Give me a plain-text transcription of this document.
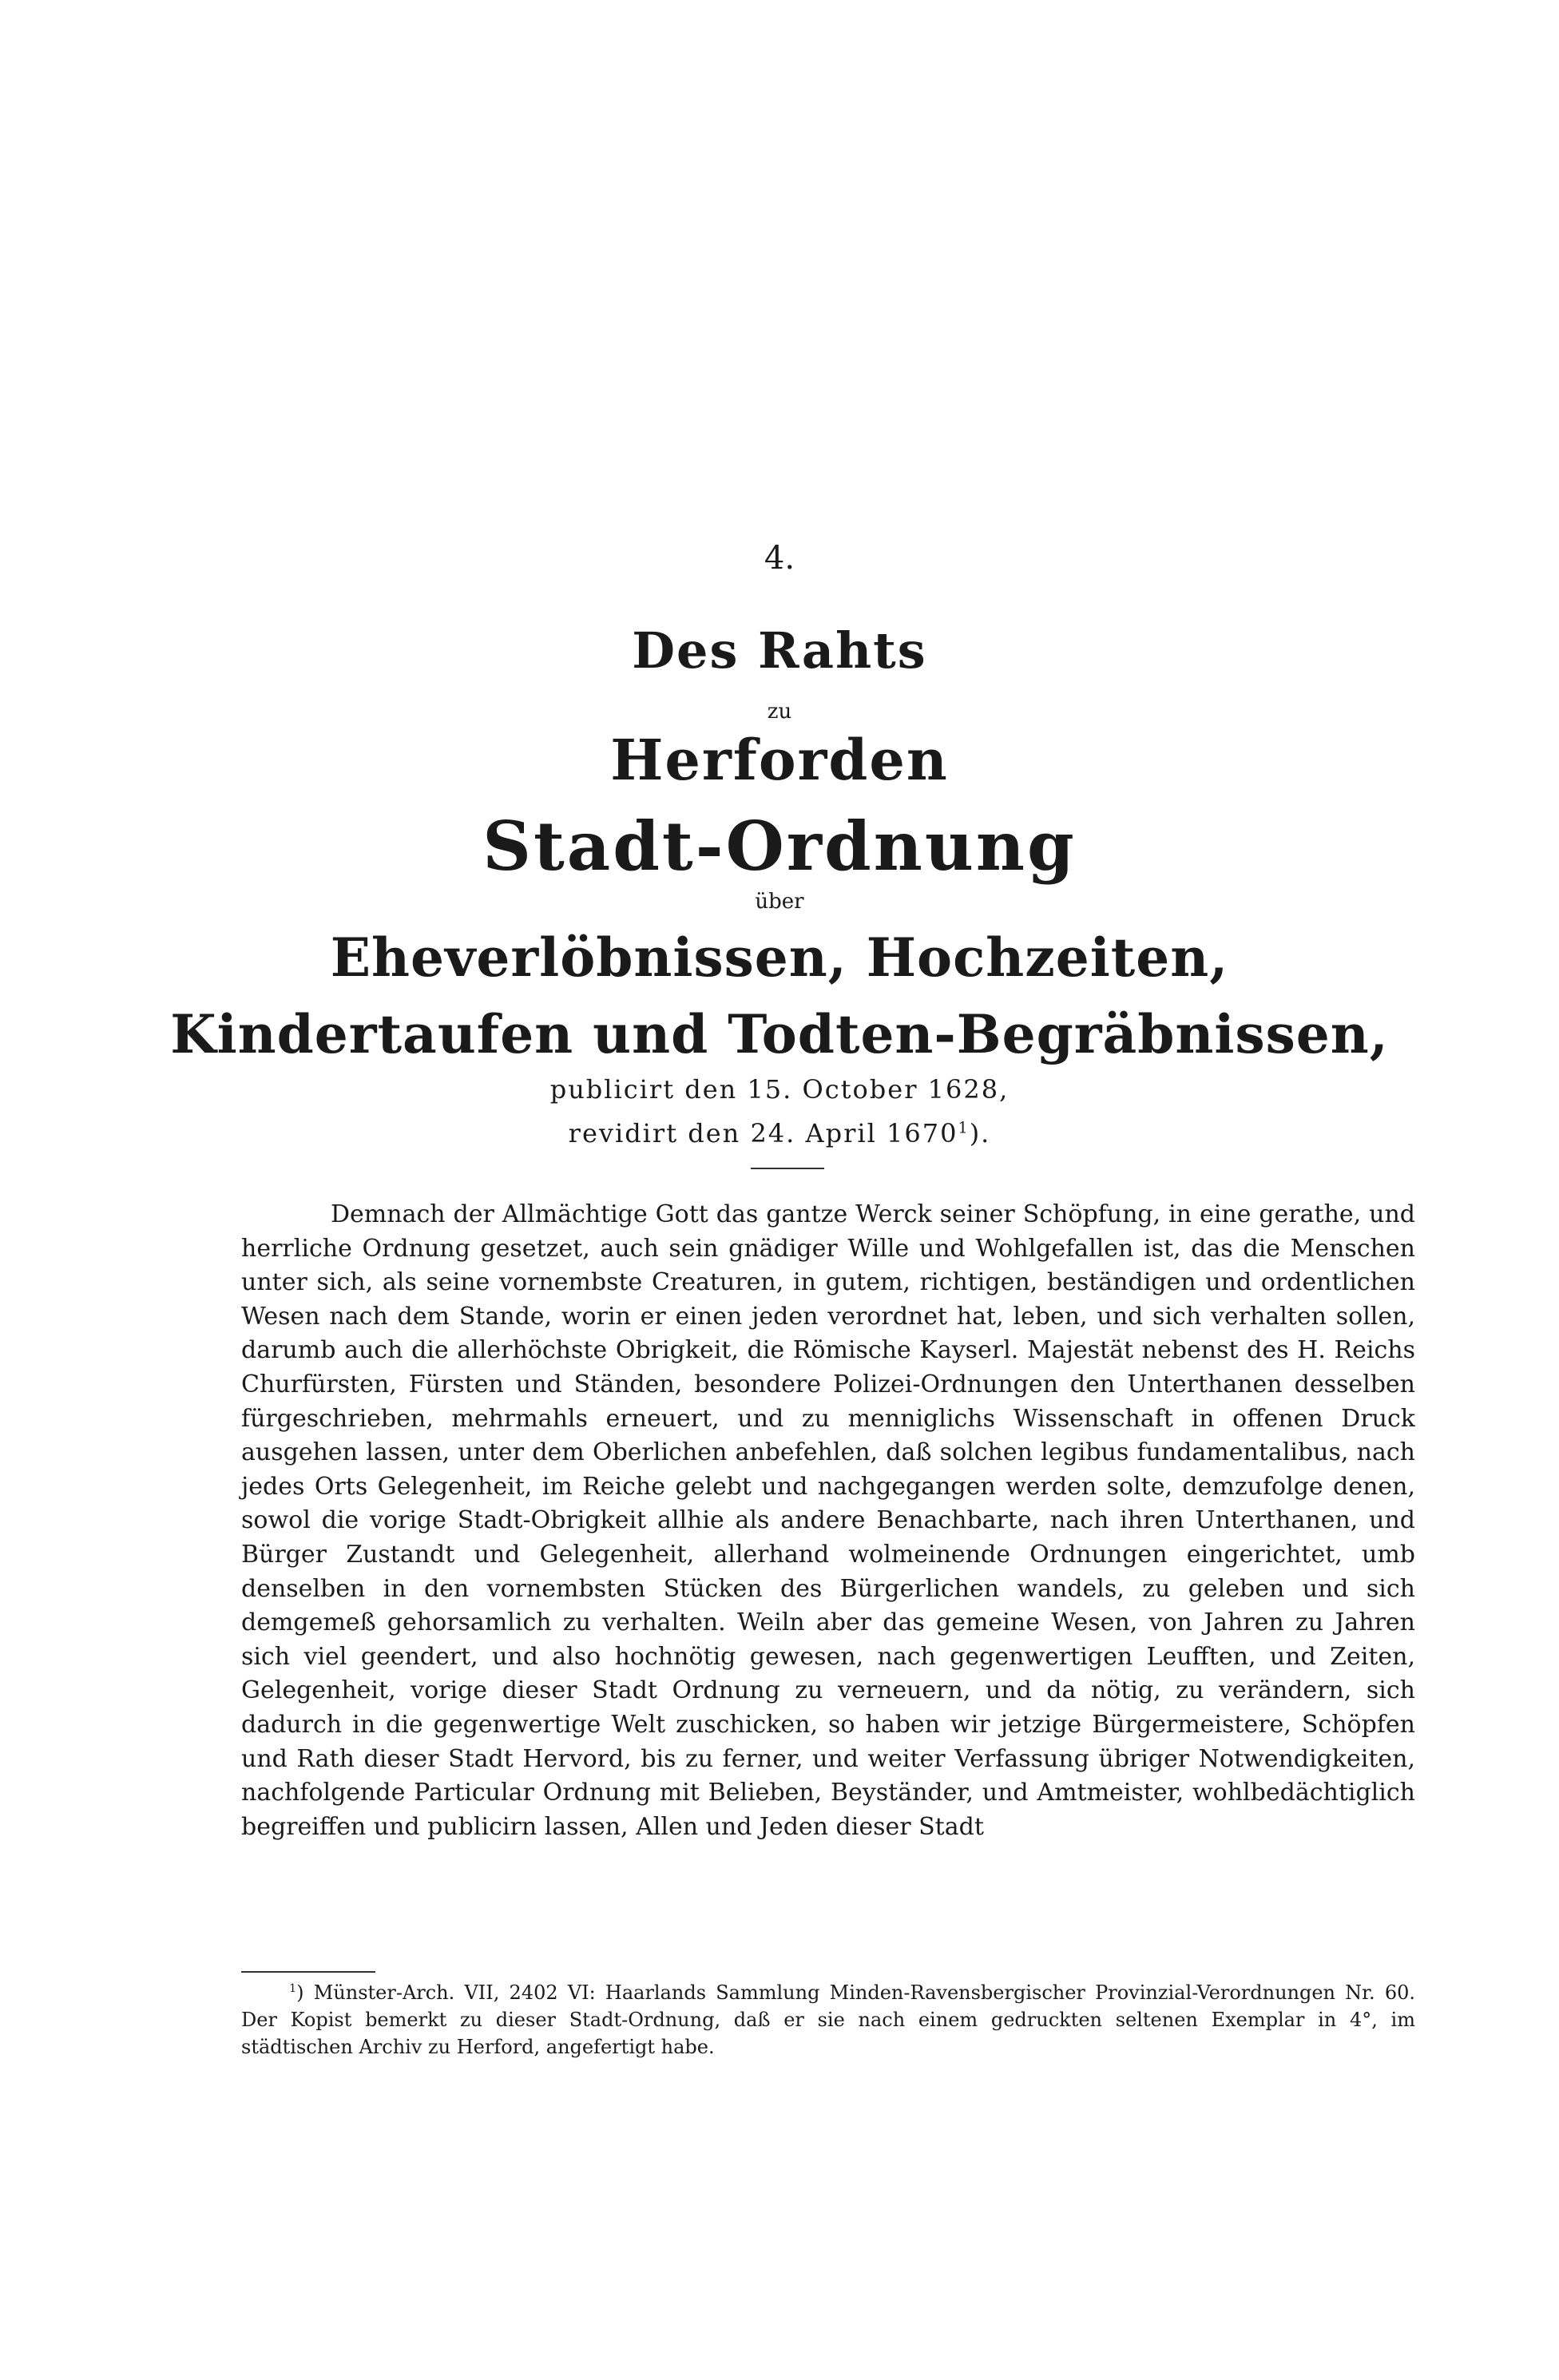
4.
Des Rahts
zu
Herforden
Stadt-Ordnung
über
Eheverlöbnissen, Hochzeiten,
Kindertaufen und Todten-Begräbnissen,
publicirt den 15. October 1628,
revidirt den 24. April 1670$^1$).

Demnach der Allmächtige Gott das gantze Werck seiner Schöpfung, in eine gerathe, und herrliche Ordnung gesetzet, auch sein gnädiger Wille und Wohlgefallen ist, das die Menschen unter sich, als seine vornembste Creaturen, in gutem, richtigen, beständigen und ordentlichen Wesen nach dem Stande, worin er einen jeden verordnet hat, leben, und sich verhalten sollen, darumb auch die allerhöchste Obrigkeit, die Römische Kayserl. Majestät nebenst des H. Reichs Churfürsten, Fürsten und Ständen, besondere Polizei-Ordnungen den Unterthanen desselben fürgeschrieben, mehrmahls erneuert, und zu menniglichs Wissenschaft in offenen Druck ausgehen lassen, unter dem Oberlichen anbefehlen, daß solchen legibus fundamentalibus, nach jedes Orts Gelegenheit, im Reiche gelebt und nachgegangen werden solte, demzufolge denen, sowol die vorige Stadt-Obrigkeit allhie als andere Benachbarte, nach ihren Unterthanen, und Bürger Zustandt und Gelegenheit, allerhand wolmeinende Ordnungen eingerichtet, umb denselben in den vornembsten Stücken des Bürgerlichen wandels, zu geleben und sich demgemeß gehorsamlich zu verhalten. Weiln aber das gemeine Wesen, von Jahren zu Jahren sich viel geendert, und also hochnötig gewesen, nach gegenwertigen Leufften, und Zeiten, Gelegenheit, vorige dieser Stadt Ordnung zu verneuern, und da nötig, zu verändern, sich dadurch in die gegenwertige Welt zuschicken, so haben wir jetzige Bürgermeistere, Schöpfen und Rath dieser Stadt Hervord, bis zu ferner, und weiter Verfassung übriger Notwendigkeiten, nachfolgende Particular Ordnung mit Belieben, Beyständer, und Amtmeister, wohlbedächtiglich begreiffen und publicirn lassen, Allen und Jeden dieser Stadt

$^1$) Münster-Arch. VII, 2402 VI: Haarlands Sammlung Minden-Ravensbergischer Provinzial-Verordnungen Nr. 60. Der Kopist bemerkt zu dieser Stadt-Ordnung, daß er sie nach einem gedruckten seltenen Exemplar in 4°, im städtischen Archiv zu Herford, angefertigt habe.
